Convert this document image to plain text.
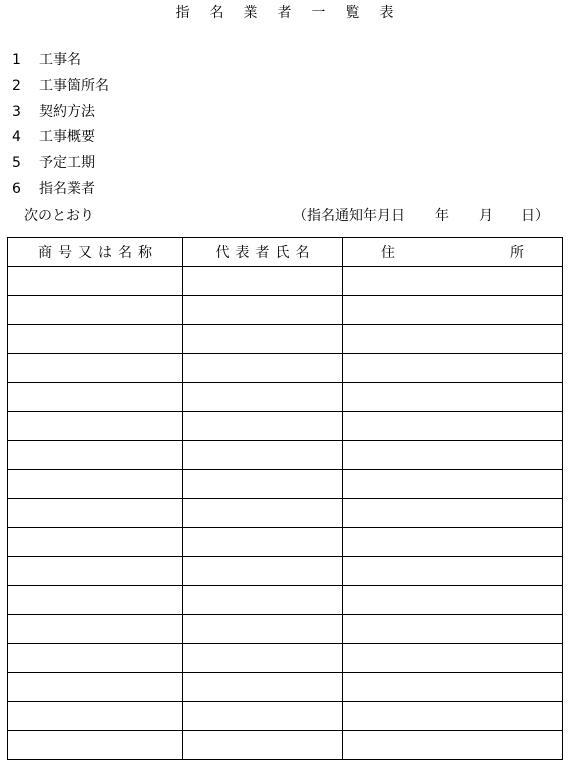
指 名 業 者 一 覧 表
1 工事名
2 工事箇所名
3 契約方法
4 工事概要
5 予定工期
6 指名業者
次のとおり	（指名通知年月日 年 月 日）
商 号 又 は 名 称	代 表 者 氏 名	住 所
